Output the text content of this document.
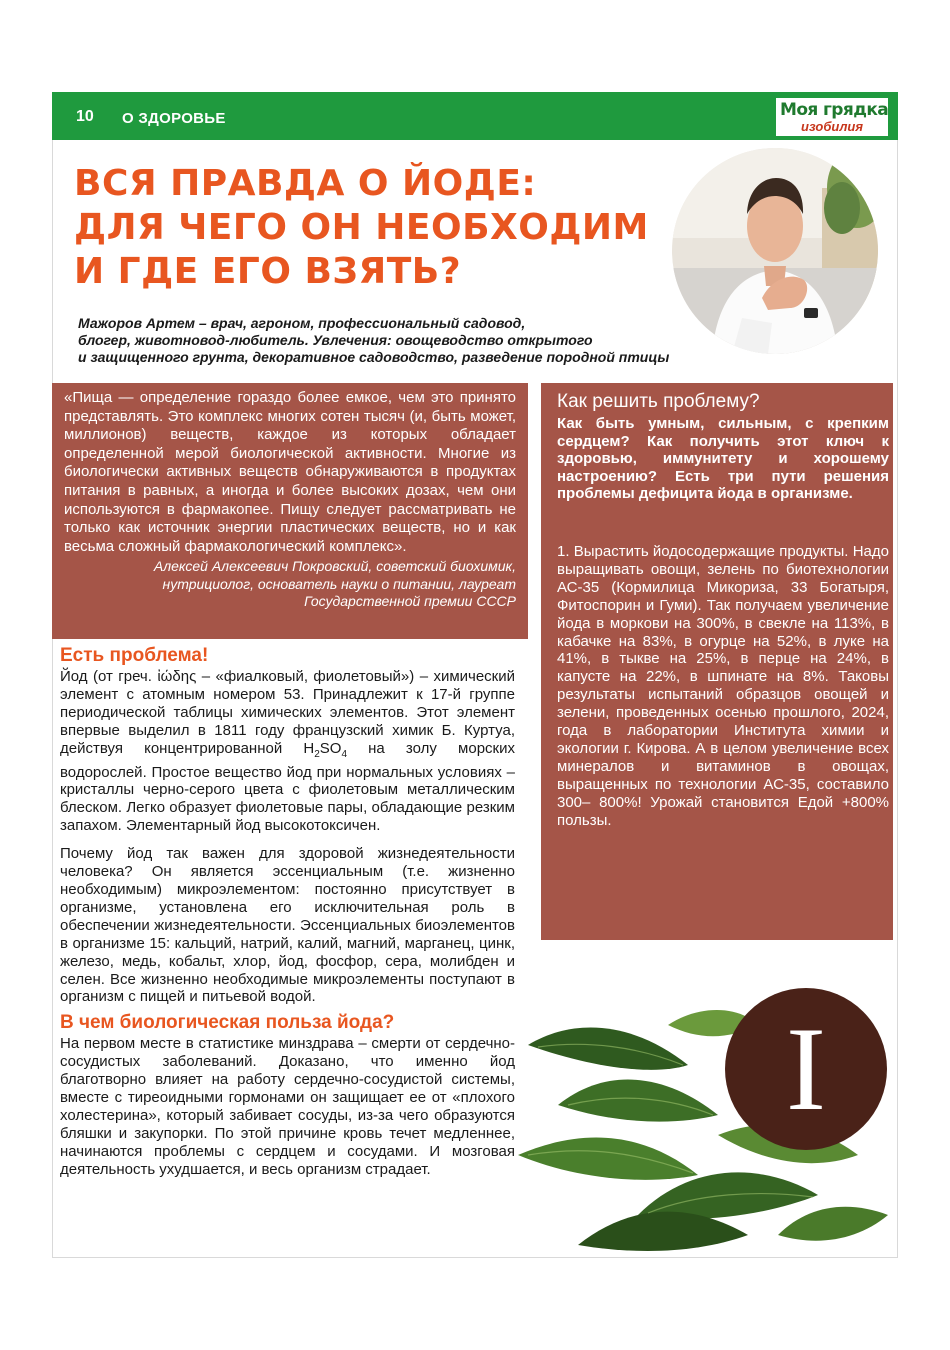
10 О ЗДОРОВЬЕ	Моя грядка
изобилия
ВСЯ ПРАВДА О ЙОДЕ:
ДЛЯ ЧЕГО ОН НЕОБХОДИМ
И ГДЕ ЕГО ВЗЯТЬ?
Мажоров Артем – врач, агроном, профессиональный садовод,
блогер, животновод-любитель. Увлечения: овощеводство открытого
и защищенного грунта, декоративное садоводство, разведение породной птицы
«Пища — определение гораздо более емкое, чем это принято представлять. Это комплекс многих сотен тысяч (и, быть может, миллионов) веществ, каждое из которых обладает определенной мерой биологической активности. Многие из биологически активных веществ обнаруживаются в продуктах питания в равных, а иногда и более высоких дозах, чем они используются в фармакопее. Пищу следует рассматривать не только как источник энергии пластических веществ, но и как весьма сложный фармакологический комплекс».
Алексей Алексеевич Покровский, советский биохимик, нутрициолог, основатель науки о питании, лауреат Государственной премии СССР
Как решить проблему?
Как быть умным, сильным, с крепким сердцем? Как получить этот ключ к здоровью, иммунитету и хорошему настроению? Есть три пути решения проблемы дефицита йода в организме.
1. Вырастить йодосодержащие продукты. Надо выращивать овощи, зелень по биотехнологии АС-35 (Кормилица Микориза, 33 Богатыря, Фитоспорин и Гуми). Так получаем увеличение йода в моркови на 300%, в свекле на 113%, в кабачке на 83%, в огурце на 52%, в луке на 41%, в тыкве на 25%, в перце на 24%, в капусте на 22%, в шпинате на 8%. Таковы результаты испытаний образцов овощей и зелени, проведенных осенью прошлого, 2024, года в лаборатории Института химии и экологии г. Кирова. А в целом увеличение всех минералов и витаминов в овощах, выращенных по технологии АС-35, составило 300– 800%! Урожай становится Едой +800% пользы.
Есть проблема!

Йод (от греч. ἰώδης – «фиалковый, фиолетовый») – химический элемент с атомным номером 53. Принадлежит к 17-й группе периодической таблицы химических элементов. Этот элемент впервые выделил в 1811 году французский химик Б. Куртуа, действуя концентрированной $H_2SO_4$ на золу морских водорослей. Простое вещество йод при нормальных условиях – кристаллы черно-серого цвета с фиолетовым металлическим блеском. Легко образует фиолетовые пары, обладающие резким запахом. Элементарный йод высокотоксичен.

Почему йод так важен для здоровой жизнедеятельности человека? Он является эссенциальным (т.е. жизненно необходимым) микроэлементом: постоянно присутствует в организме, установлена его исключительная роль в обеспечении жизнедеятельности. Эссенциальных биоэлементов в организме 15: кальций, натрий, калий, магний, марганец, цинк, железо, медь, кобальт, хлор, йод, фосфор, сера, молибден и селен. Все жизненно необходимые микроэлементы поступают в организм с пищей и питьевой водой.

В чем биологическая польза йода?

На первом месте в статистике минздрава – смерти от сердечно-сосудистых заболеваний. Доказано, что именно йод благотворно влияет на работу сердечно-сосудистой системы, вместе с тиреоидными гормонами он защищает ее от «плохого холестерина», который забивает сосуды, из-за чего образуются бляшки и закупорки. По этой причине кровь течет медленнее, начинаются проблемы с сердцем и сосудами. И мозговая деятельность ухудшается, и весь организм страдает.

I
